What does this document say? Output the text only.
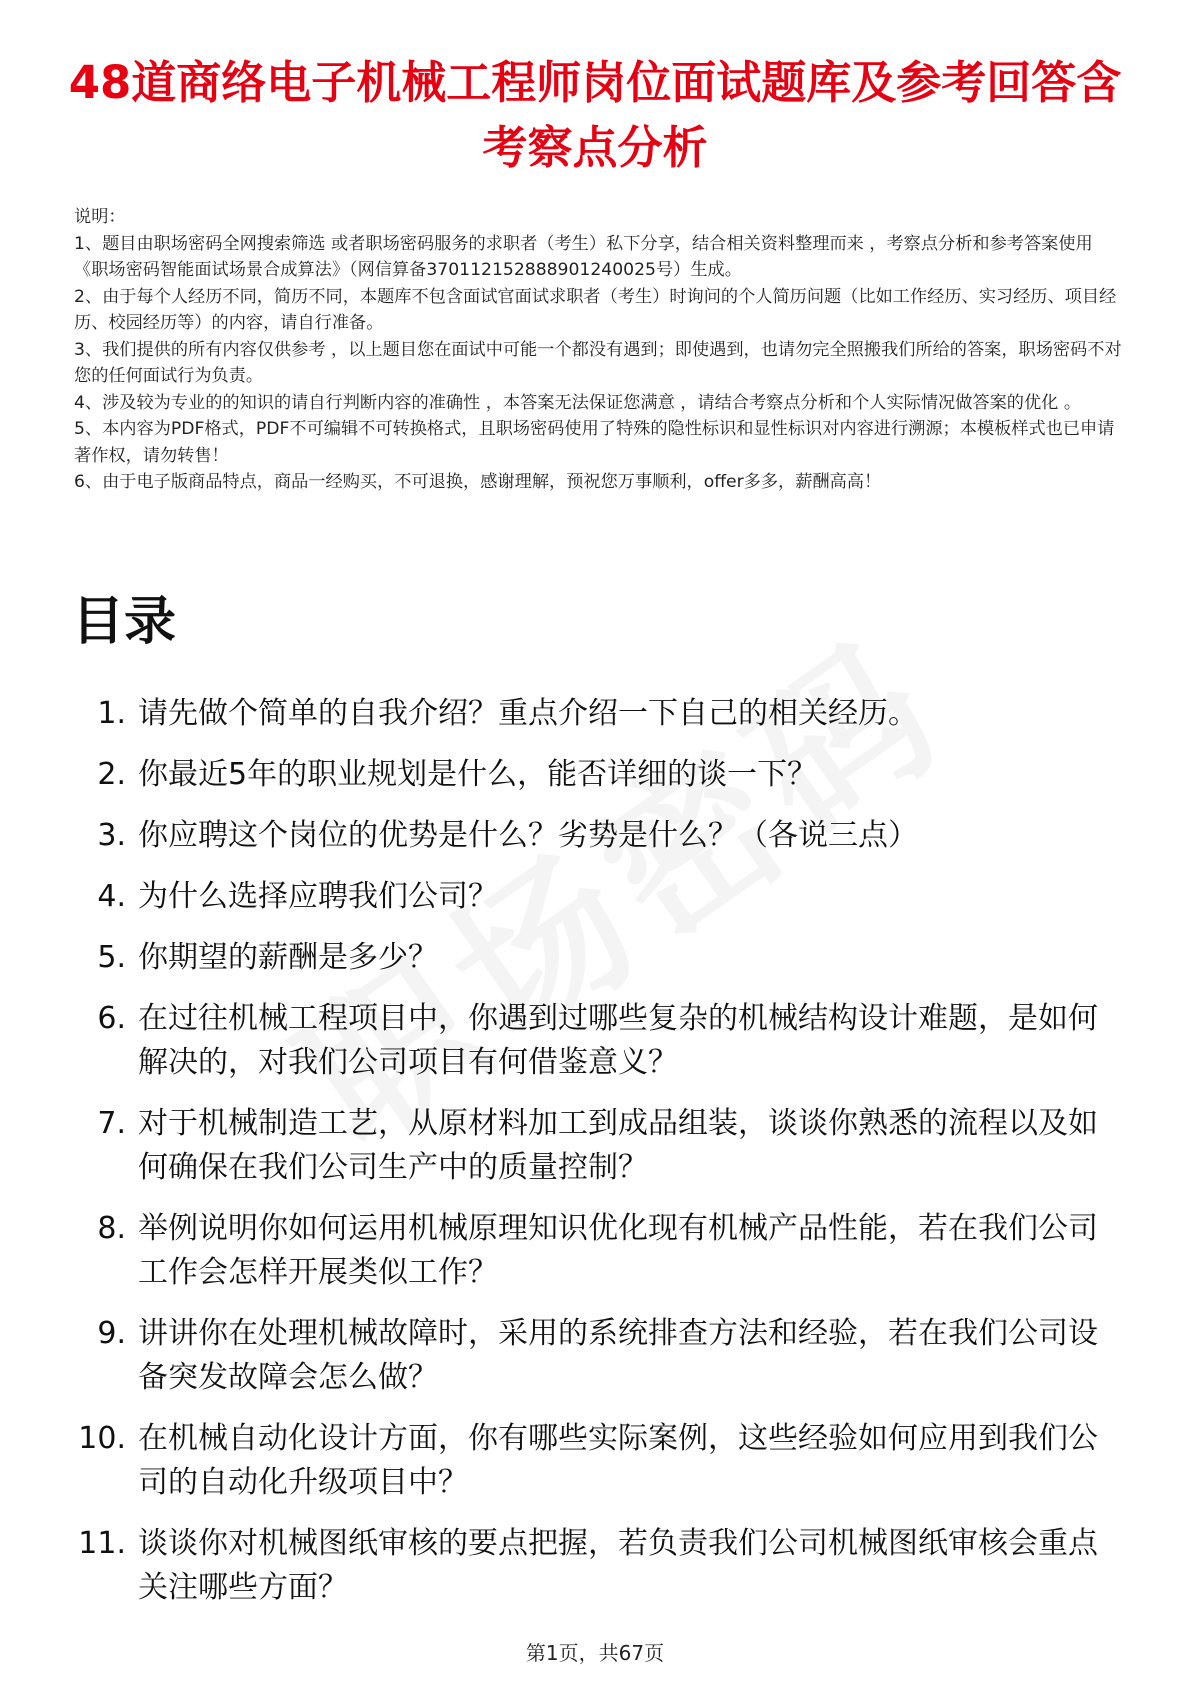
48道商络电子机械工程师岗位面试题库及参考回答含考察点分析

说明：

1、题目由职场密码全网搜索筛选 或者职场密码服务的求职者（考生）私下分享，结合相关资料整理而来 ，考察点分析和参考答案使用《职场密码智能面试场景合成算法》（网信算备370112152888901240025号）生成。

2、由于每个人经历不同，简历不同，本题库不包含面试官面试求职者（考生）时询问的个人简历问题（比如工作经历、实习经历、项目经历、校园经历等）的内容，请自行准备。

3、我们提供的所有内容仅供参考 ，以上题目您在面试中可能一个都没有遇到；即使遇到，也请勿完全照搬我们所给的答案，职场密码不对您的任何面试行为负责。

4、涉及较为专业的的知识的请自行判断内容的准确性 ，本答案无法保证您满意 ，请结合考察点分析和个人实际情况做答案的优化 。

5、本内容为PDF格式，PDF不可编辑不可转换格式，且职场密码使用了特殊的隐性标识和显性标识对内容进行溯源；本模板样式也已申请著作权，请勿转售！

6、由于电子版商品特点，商品一经购买，不可退换，感谢理解，预祝您万事顺利，offer多多，薪酬高高！

目录
1. 请先做个简单的自我介绍？重点介绍一下自己的相关经历。
2. 你最近5年的职业规划是什么，能否详细的谈一下？
3. 你应聘这个岗位的优势是什么？劣势是什么？（各说三点）
4. 为什么选择应聘我们公司？
5. 你期望的薪酬是多少？
6. 在过往机械工程项目中，你遇到过哪些复杂的机械结构设计难题，是如何解决的，对我们公司项目有何借鉴意义？
7. 对于机械制造工艺，从原材料加工到成品组装，谈谈你熟悉的流程以及如何确保在我们公司生产中的质量控制？
8. 举例说明你如何运用机械原理知识优化现有机械产品性能，若在我们公司工作会怎样开展类似工作？
9. 讲讲你在处理机械故障时，采用的系统排查方法和经验，若在我们公司设备突发故障会怎么做？
10. 在机械自动化设计方面，你有哪些实际案例，这些经验如何应用到我们公司的自动化升级项目中？
11. 谈谈你对机械图纸审核的要点把握，若负责我们公司机械图纸审核会重点关注哪些方面？
第1页，共67页
